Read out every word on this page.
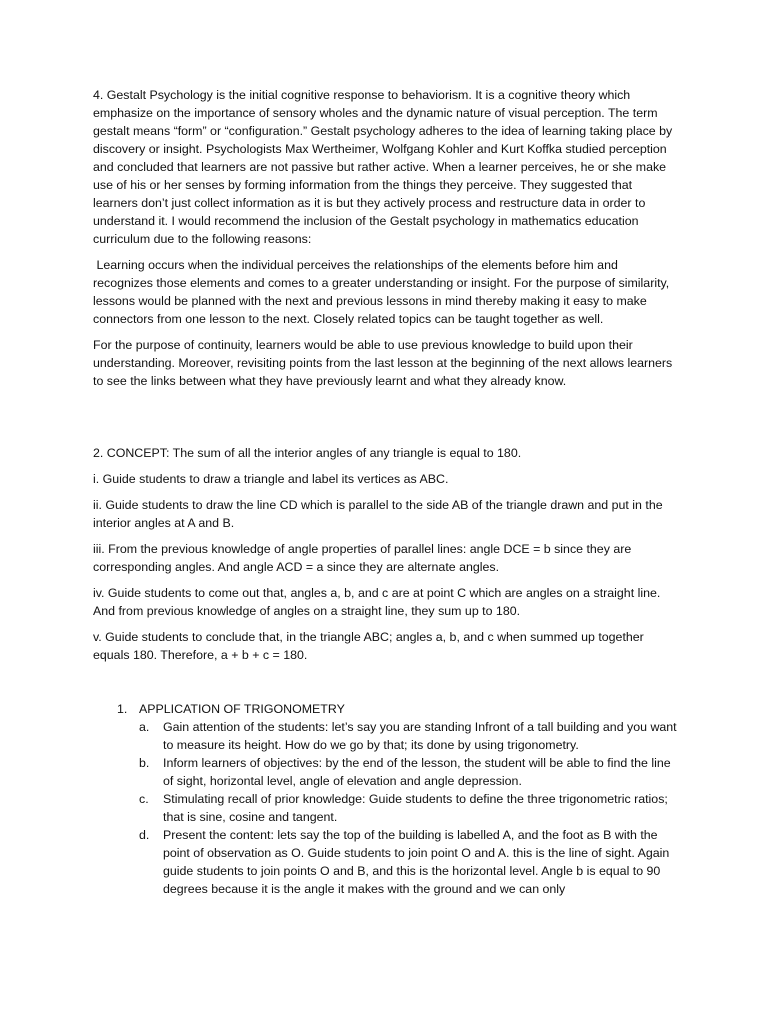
4. Gestalt Psychology is the initial cognitive response to behaviorism. It is a cognitive theory which emphasize on the importance of sensory wholes and the dynamic nature of visual perception. The term gestalt means “form” or “configuration.” Gestalt psychology adheres to the idea of learning taking place by discovery or insight. Psychologists Max Wertheimer, Wolfgang Kohler and Kurt Koffka studied perception and concluded that learners are not passive but rather active. When a learner perceives, he or she make use of his or her senses by forming information from the things they perceive. They suggested that learners don’t just collect information as it is but they actively process and restructure data in order to understand it. I would recommend the inclusion of the Gestalt psychology in mathematics education curriculum due to the following reasons:

Learning occurs when the individual perceives the relationships of the elements before him and recognizes those elements and comes to a greater understanding or insight. For the purpose of similarity, lessons would be planned with the next and previous lessons in mind thereby making it easy to make connectors from one lesson to the next. Closely related topics can be taught together as well.

For the purpose of continuity, learners would be able to use previous knowledge to build upon their understanding. Moreover, revisiting points from the last lesson at the beginning of the next allows learners to see the links between what they have previously learnt and what they already know.

2. CONCEPT: The sum of all the interior angles of any triangle is equal to 180.

i. Guide students to draw a triangle and label its vertices as ABC.

ii. Guide students to draw the line CD which is parallel to the side AB of the triangle drawn and put in the interior angles at A and B.

iii. From the previous knowledge of angle properties of parallel lines: angle DCE = b since they are corresponding angles. And angle ACD = a since they are alternate angles.

iv. Guide students to come out that, angles a, b, and c are at point C which are angles on a straight line. And from previous knowledge of angles on a straight line, they sum up to 180.

v. Guide students to conclude that, in the triangle ABC; angles a, b, and c when summed up together equals 180. Therefore, a + b + c = 180.

1. APPLICATION OF TRIGONOMETRY
a.	Gain attention of the students: let’s say you are standing Infront of a tall building and you want to measure its height. How do we go by that; its done by using trigonometry.
b.	Inform learners of objectives: by the end of the lesson, the student will be able to find the line of sight, horizontal level, angle of elevation and angle depression.
c.	Stimulating recall of prior knowledge: Guide students to define the three trigonometric ratios; that is sine, cosine and tangent.
d.	Present the content: lets say the top of the building is labelled A, and the foot as B with the point of observation as O. Guide students to join point O and A. this is the line of sight. Again guide students to join points O and B, and this is the horizontal level. Angle b is equal to 90 degrees because it is the angle it makes with the ground and we can only
